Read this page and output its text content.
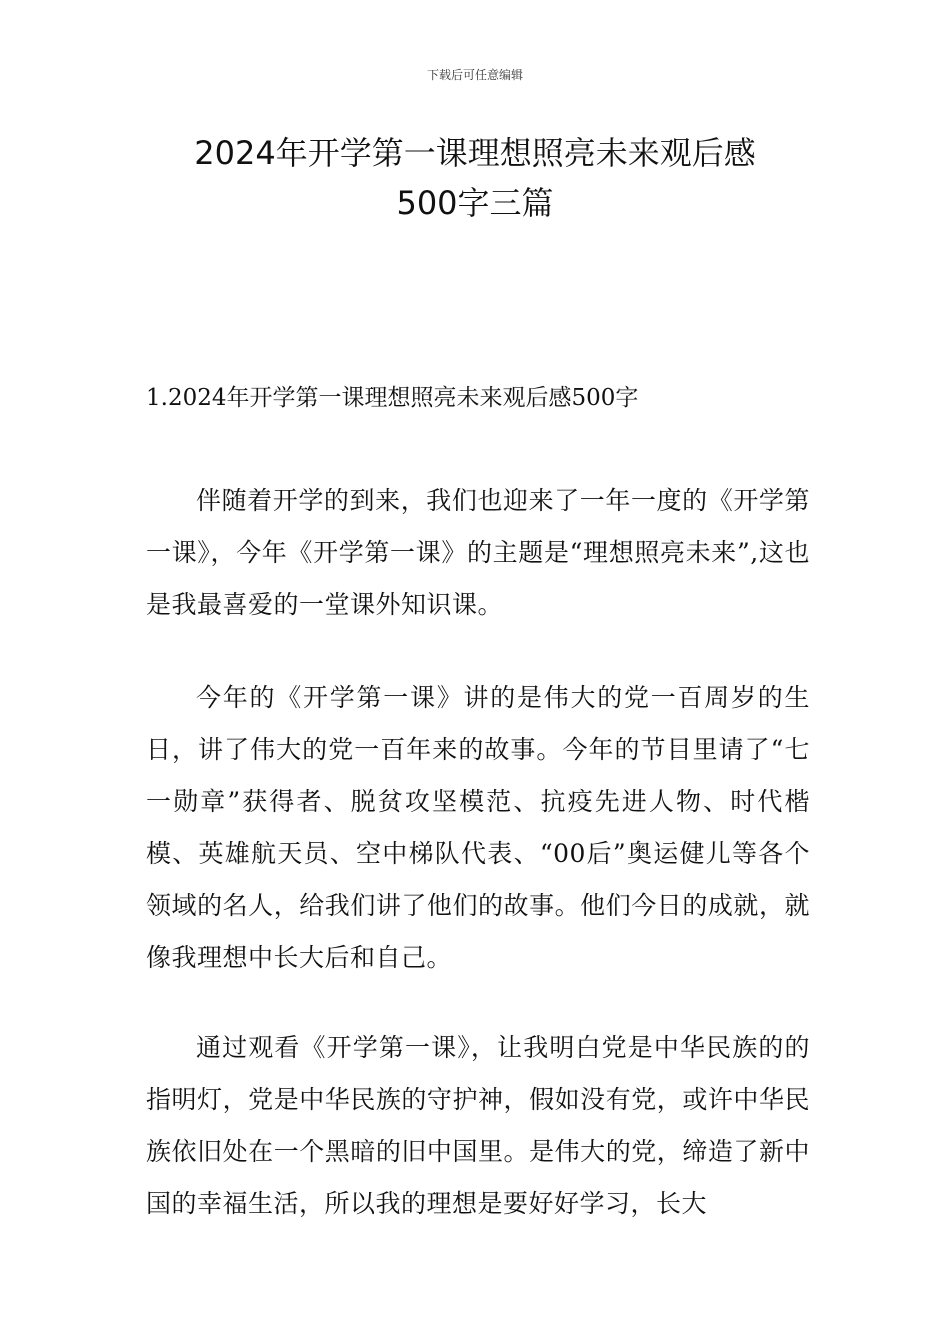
下载后可任意编辑
2024年开学第一课理想照亮未来观后感
500字三篇
1.2024年开学第一课理想照亮未来观后感500字

伴随着开学的到来，我们也迎来了一年一度的《开学第一课》，今年《开学第一课》的主题是“理想照亮未来”,这也是我最喜爱的一堂课外知识课。

今年的《开学第一课》讲的是伟大的党一百周岁的生日，讲了伟大的党一百年来的故事。今年的节目里请了“七一勋章”获得者、脱贫攻坚模范、抗疫先进人物、时代楷模、英雄航天员、空中梯队代表、“00后”奥运健儿等各个领域的名人，给我们讲了他们的故事。他们今日的成就，就像我理想中长大后和自己。

通过观看《开学第一课》，让我明白党是中华民族的的指明灯，党是中华民族的守护神，假如没有党，或许中华民族依旧处在一个黑暗的旧中国里。是伟大的党，缔造了新中国的幸福生活，所以我的理想是要好好学习，长大
